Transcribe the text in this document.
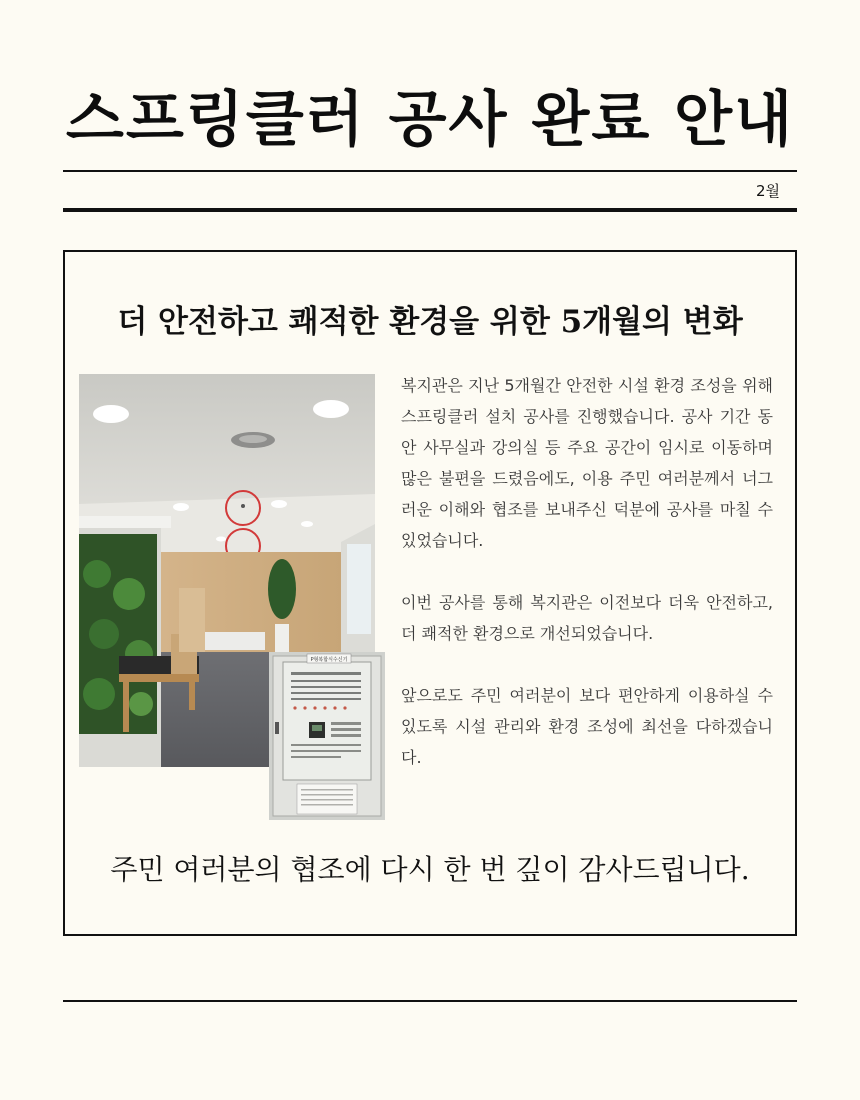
스프링클러 공사 완료 안내
2월
더 안전하고 쾌적한 환경을 위한 5개월의 변화
P형복합식수신기

복지관은 지난 5개월간 안전한 시설 환경 조성을 위해스프링클러 설치 공사를 진행했습니다. 공사 기간 동안 사무실과 강의실 등 주요 공간이 임시로 이동하며 많은 불편을 드렸음에도, 이용 주민 여러분께서 너그러운 이해와 협조를 보내주신 덕분에 공사를 마칠 수 있었습니다.

이번 공사를 통해 복지관은 이전보다 더욱 안전하고, 더 쾌적한 환경으로 개선되었습니다.

앞으로도 주민 여러분이 보다 편안하게 이용하실 수 있도록 시설 관리와 환경 조성에 최선을 다하겠습니다.

주민 여러분의 협조에 다시 한 번 깊이 감사드립니다.
